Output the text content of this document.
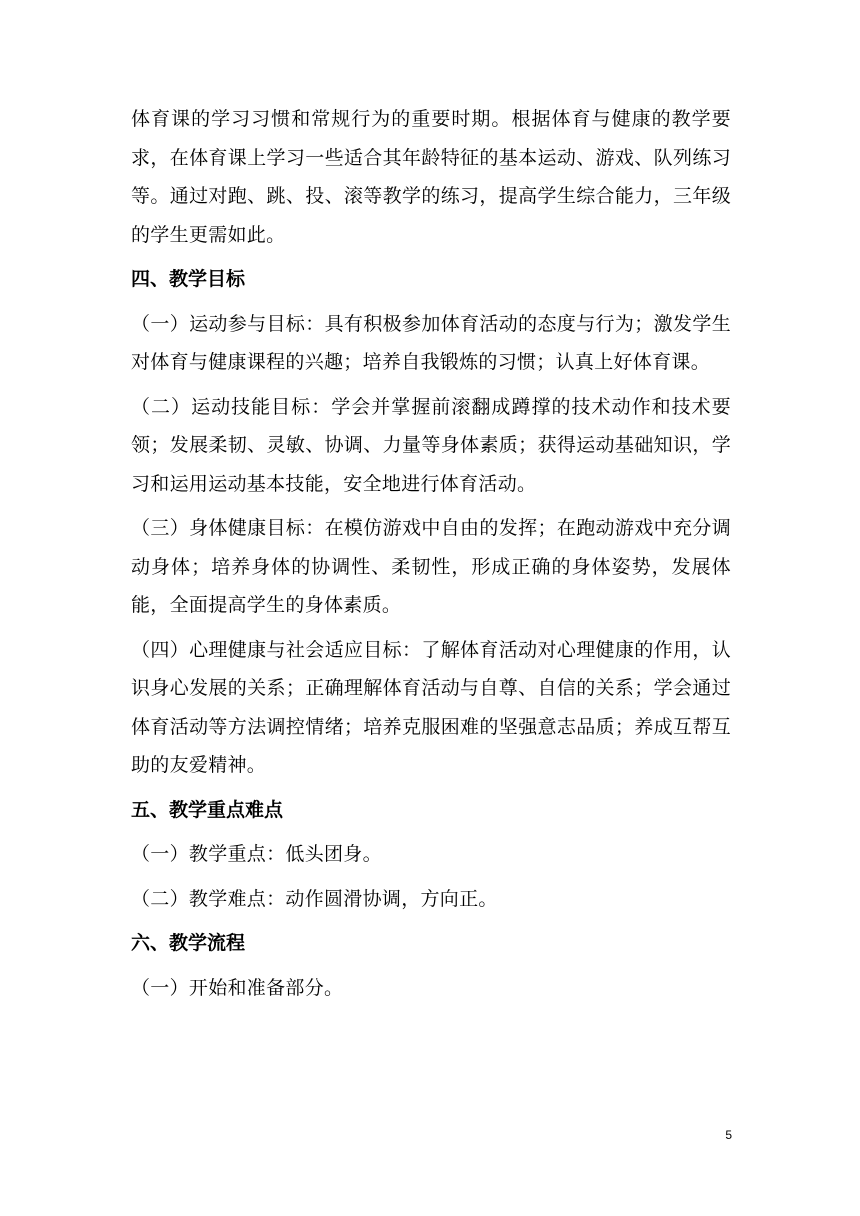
体育课的学习习惯和常规行为的重要时期。根据体育与健康的教学要求，在体育课上学习一些适合其年龄特征的基本运动、游戏、队列练习等。通过对跑、跳、投、滚等教学的练习，提高学生综合能力，三年级的学生更需如此。

四、教学目标

（一）运动参与目标：具有积极参加体育活动的态度与行为；激发学生对体育与健康课程的兴趣；培养自我锻炼的习惯；认真上好体育课。

（二）运动技能目标：学会并掌握前滚翻成蹲撑的技术动作和技术要领；发展柔韧、灵敏、协调、力量等身体素质；获得运动基础知识，学习和运用运动基本技能，安全地进行体育活动。

（三）身体健康目标：在模仿游戏中自由的发挥；在跑动游戏中充分调动身体；培养身体的协调性、柔韧性，形成正确的身体姿势，发展体能，全面提高学生的身体素质。

（四）心理健康与社会适应目标：了解体育活动对心理健康的作用，认识身心发展的关系；正确理解体育活动与自尊、自信的关系；学会通过体育活动等方法调控情绪；培养克服困难的坚强意志品质；养成互帮互助的友爱精神。

五、教学重点难点

（一）教学重点：低头团身。

（二）教学难点：动作圆滑协调，方向正。

六、教学流程

（一）开始和准备部分。

5
